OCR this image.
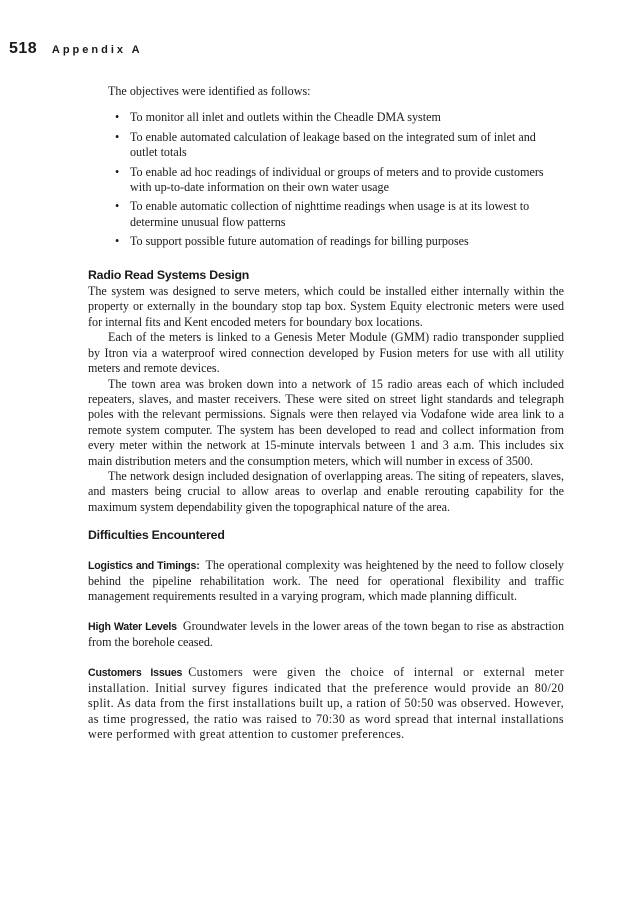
518 Appendix A

The objectives were identified as follows:

• To monitor all inlet and outlets within the Cheadle DMA system
• To enable automated calculation of leakage based on the integrated sum of inlet and outlet totals
• To enable ad hoc readings of individual or groups of meters and to provide customers with up-to-date information on their own water usage
• To enable automatic collection of nighttime readings when usage is at its lowest to determine unusual flow patterns
• To support possible future automation of readings for billing purposes
Radio Read Systems Design

The system was designed to serve meters, which could be installed either internally within the property or externally in the boundary stop tap box. System Equity electronic meters were used for internal fits and Kent encoded meters for boundary box locations.

Each of the meters is linked to a Genesis Meter Module (GMM) radio transponder supplied by Itron via a waterproof wired connection developed by Fusion meters for use with all utility meters and remote devices.

The town area was broken down into a network of 15 radio areas each of which included repeaters, slaves, and master receivers. These were sited on street light standards and telegraph poles with the relevant permissions. Signals were then relayed via Vodafone wide area link to a remote system computer. The system has been developed to read and collect information from every meter within the network at 15-minute intervals between 1 and 3 a.m. This includes six main distribution meters and the consumption meters, which will number in excess of 3500.

The network design included designation of overlapping areas. The siting of repeaters, slaves, and masters being crucial to allow areas to overlap and enable rerouting capability for the maximum system dependability given the topographical nature of the area.

Difficulties Encountered

Logistics and Timings: The operational complexity was heightened by the need to follow closely behind the pipeline rehabilitation work. The need for operational flexibility and traffic management requirements resulted in a varying program, which made planning difficult.

High Water Levels Groundwater levels in the lower areas of the town began to rise as abstraction from the borehole ceased.

Customers Issues Customers were given the choice of internal or external meter installation. Initial survey figures indicated that the preference would provide an 80/20 split. As data from the first installations built up, a ration of 50:50 was observed. However, as time progressed, the ratio was raised to 70:30 as word spread that internal installations were performed with great attention to customer preferences.
